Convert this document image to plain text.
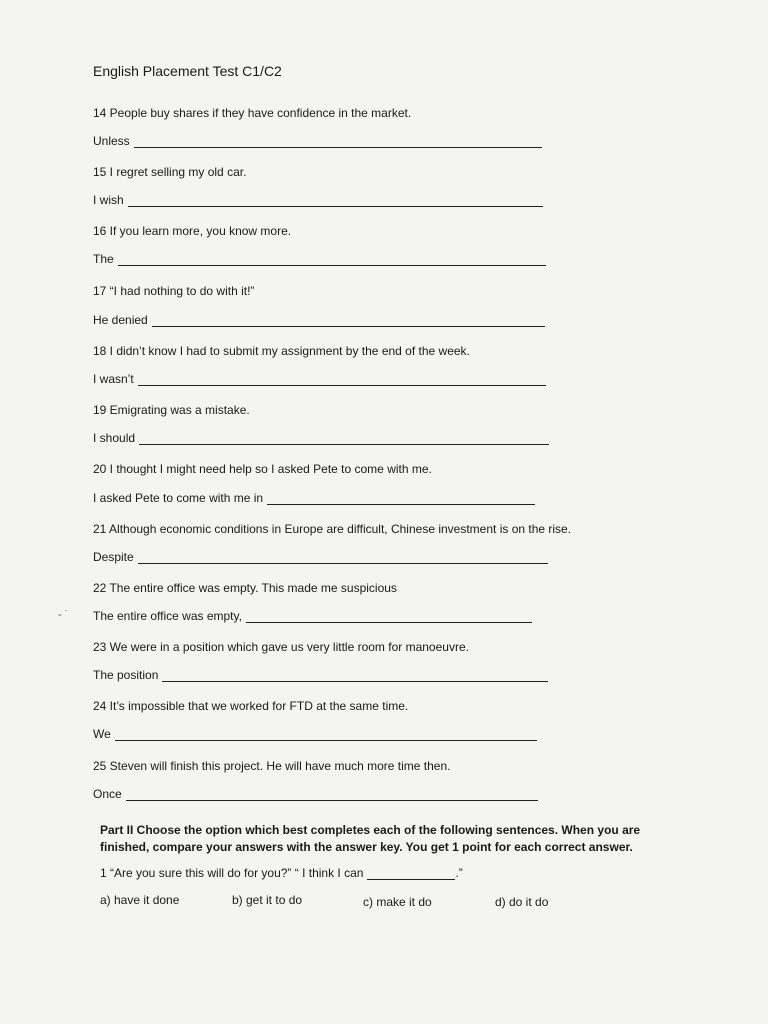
English Placement Test C1/C2
14 People buy shares if they have confidence in the market.
Unless
15 I regret selling my old car.
I wish
16 If you learn more, you know more.
The
17 “I had nothing to do with it!”
He denied
18 I didn’t know I had to submit my assignment by the end of the week.
I wasn’t
19 Emigrating was a mistake.
I should
20 I thought I might need help so I asked Pete to come with me.
I asked Pete to come with me in
21 Although economic conditions in Europe are difficult, Chinese investment is on the rise.
Despite
22 The entire office was empty. This made me suspicious
- ˙ The entire office was empty,
23 We were in a position which gave us very little room for manoeuvre.
The position
24 It’s impossible that we worked for FTD at the same time.
We
25 Steven will finish this project. He will have much more time then.
Once
Part II Choose the option which best completes each of the following sentences. When you are finished, compare your answers with the answer key. You get 1 point for each correct answer.
1 “Are you sure this will do for you?” “ I think I can	.”
a) have it done	b) get it to do	c) make it do	d) do it do
